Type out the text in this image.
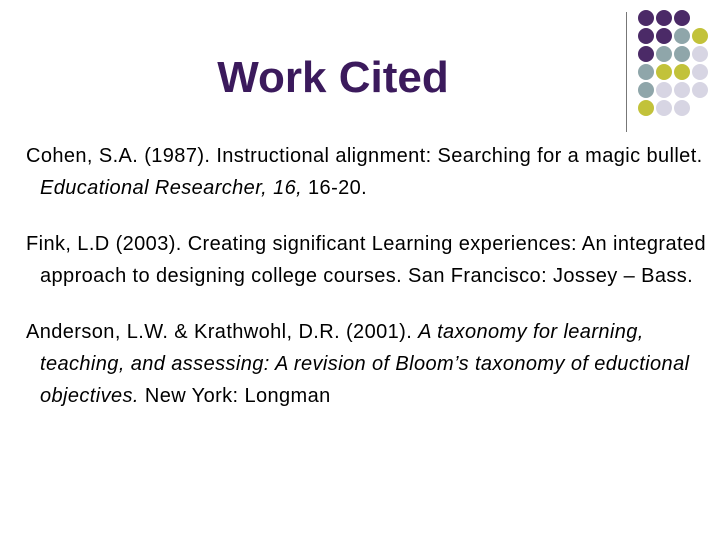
Work Cited

Cohen, S.A. (1987). Instructional alignment: Searching for a magic bullet. Educational Researcher, 16, 16-20.

Fink, L.D (2003). Creating significant Learning experiences: An integrated approach to designing college courses. San Francisco: Jossey – Bass.

Anderson, L.W. & Krathwohl, D.R. (2001). A taxonomy for learning, teaching, and assessing: A revision of Bloom’s taxonomy of eductional objectives. New York: Longman
